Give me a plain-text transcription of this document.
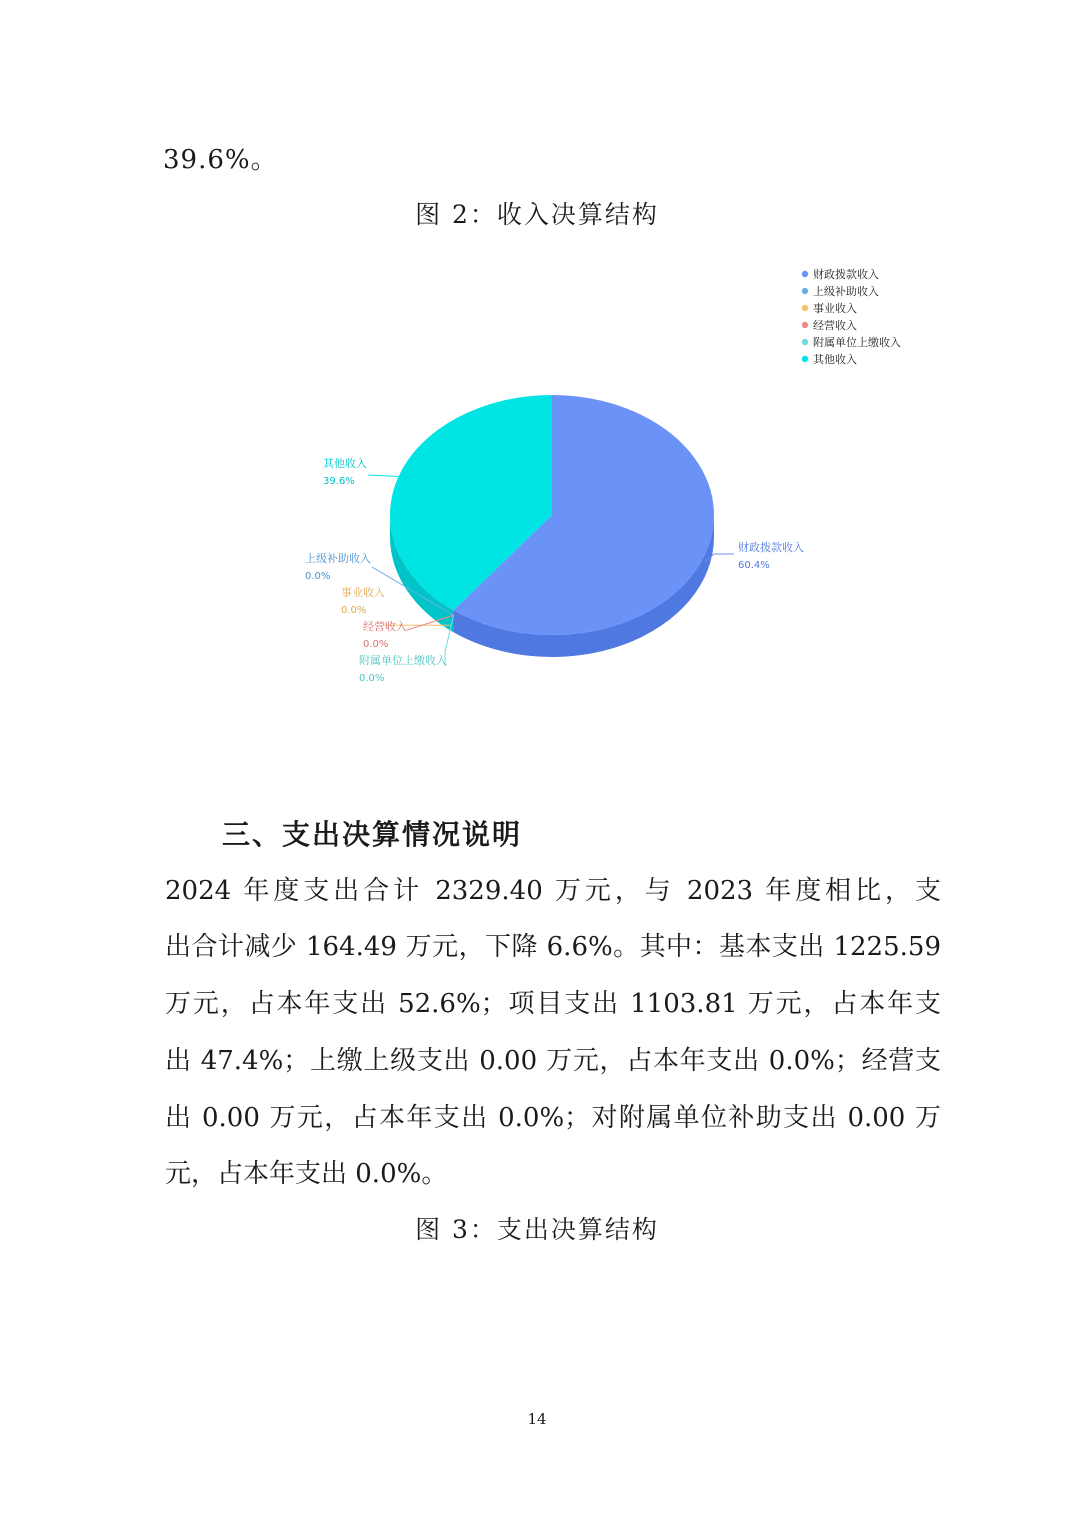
39.6%。
图 2：收入决算结构
财政拨款收入
60.4%
上级补助收入
0.0%
事业收入
0.0%
经营收入
0.0%
附属单位上缴收入
0.0%
其他收入
39.6%
财政拨款收入
上级补助收入
事业收入
经营收入
附属单位上缴收入
其他收入
三、支出决算情况说明
2024 年度支出合计 2329.40 万元，与 2023 年度相比，支
出合计减少 164.49 万元，下降 6.6%。其中：基本支出 1225.59
万元，占本年支出 52.6%；项目支出 1103.81 万元，占本年支
出 47.4%；上缴上级支出 0.00 万元，占本年支出 0.0%；经营支
出 0.00 万元，占本年支出 0.0%；对附属单位补助支出 0.00 万
元，占本年支出 0.0%。
图 3：支出决算结构
14
